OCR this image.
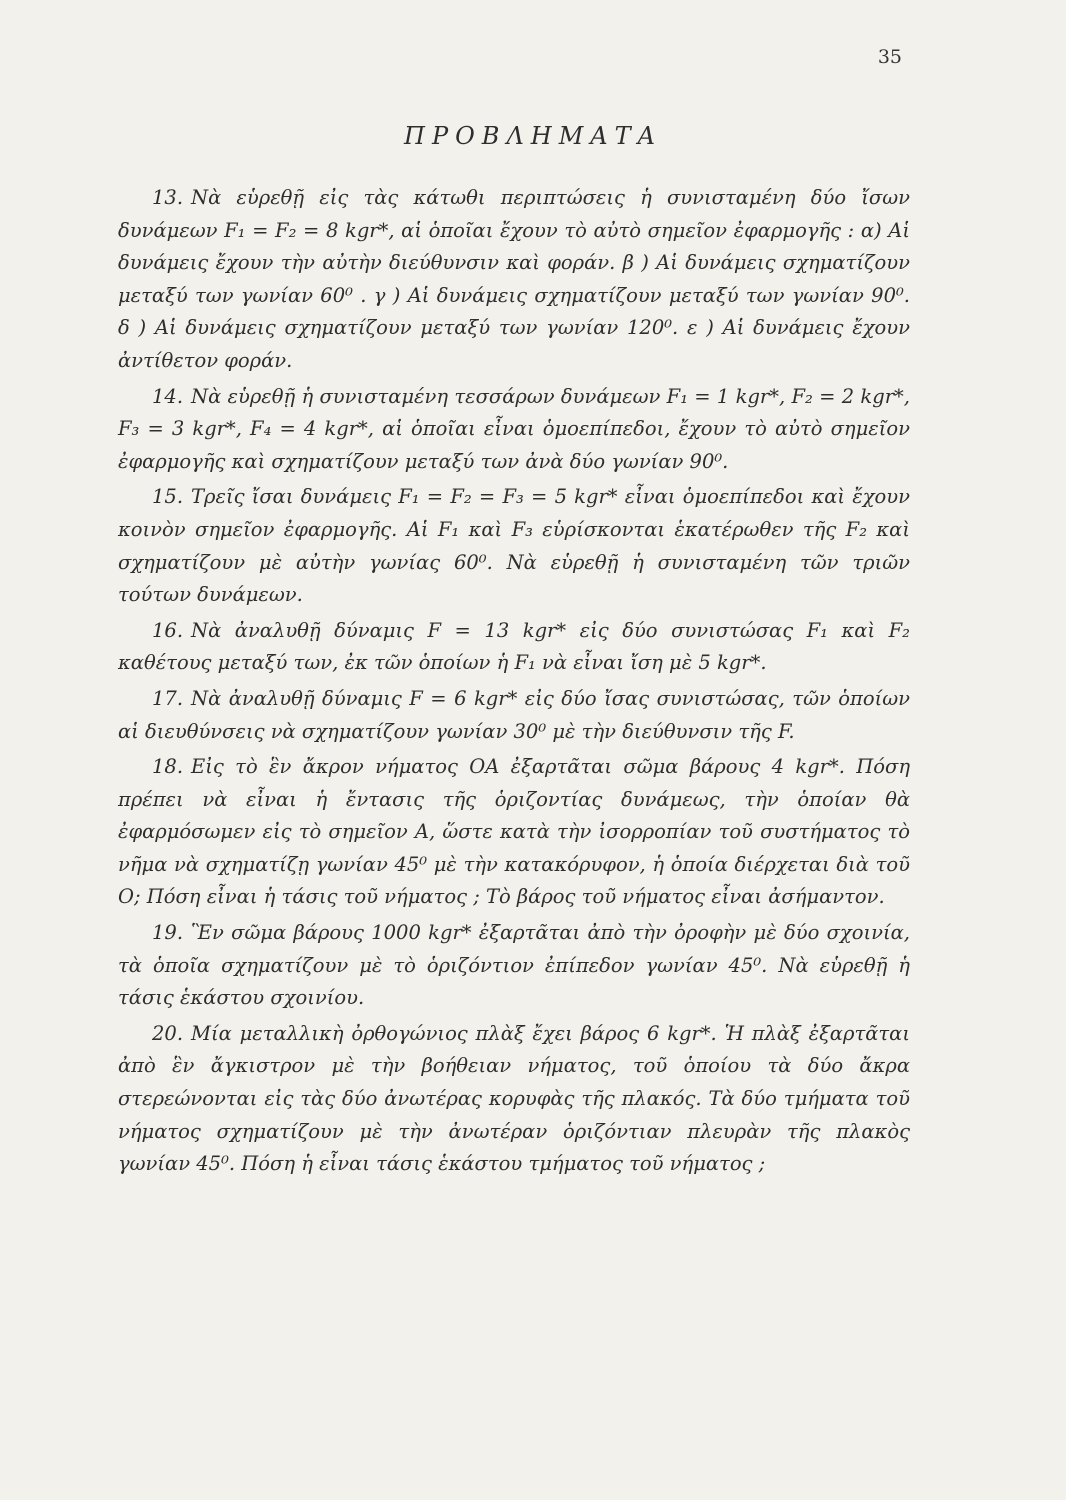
35
ΠΡΟΒΛΗΜΑΤΑ

13. Νὰ εὑρεθῇ εἰς τὰς κάτωθι περιπτώσεις ἡ συνισταμένη δύο ἴσων δυνάμεων F₁ = F₂ = 8 kgr*, αἱ ὁποῖαι ἔχουν τὸ αὐτὸ σημεῖον ἐφαρμογῆς : α) Αἱ δυνάμεις ἔχουν τὴν αὐτὴν διεύθυνσιν καὶ φοράν. β ) Αἱ δυνάμεις σχηματίζουν μεταξύ των γωνίαν 60⁰ . γ ) Αἱ δυνάμεις σχηματίζουν μεταξύ των γωνίαν 90⁰. δ ) Αἱ δυνάμεις σχηματίζουν μεταξύ των γωνίαν 120⁰. ε ) Αἱ δυνάμεις ἔχουν ἀντίθετον φοράν.

14. Νὰ εὑρεθῇ ἡ συνισταμένη τεσσάρων δυνάμεων F₁ = 1 kgr*, F₂ = 2 kgr*, F₃ = 3 kgr*, F₄ = 4 kgr*, αἱ ὁποῖαι εἶναι ὁμοεπίπεδοι, ἔχουν τὸ αὐτὸ σημεῖον ἐφαρμογῆς καὶ σχηματίζουν μεταξύ των ἀνὰ δύο γωνίαν 90⁰.

15. Τρεῖς ἴσαι δυνάμεις F₁ = F₂ = F₃ = 5 kgr* εἶναι ὁμοεπίπεδοι καὶ ἔχουν κοινὸν σημεῖον ἐφαρμογῆς. Αἱ F₁ καὶ F₃ εὑρίσκονται ἑκατέρωθεν τῆς F₂ καὶ σχηματίζουν μὲ αὐτὴν γωνίας 60⁰. Νὰ εὑρεθῇ ἡ συνισταμένη τῶν τριῶν τούτων δυνάμεων.

16. Νὰ ἀναλυθῇ δύναμις F = 13 kgr* εἰς δύο συνιστώσας F₁ καὶ F₂ καθέτους μεταξύ των, ἐκ τῶν ὁποίων ἡ F₁ νὰ εἶναι ἴση μὲ 5 kgr*.

17. Νὰ ἀναλυθῇ δύναμις F = 6 kgr* εἰς δύο ἴσας συνιστώσας, τῶν ὁποίων αἱ διευθύνσεις νὰ σχηματίζουν γωνίαν 30⁰ μὲ τὴν διεύθυνσιν τῆς F.

18. Εἰς τὸ ἓν ἄκρον νήματος ΟΑ ἐξαρτᾶται σῶμα βάρους 4 kgr*. Πόση πρέπει νὰ εἶναι ἡ ἔντασις τῆς ὁριζοντίας δυνάμεως, τὴν ὁποίαν θὰ ἐφαρμόσωμεν εἰς τὸ σημεῖον Α, ὥστε κατὰ τὴν ἰσορροπίαν τοῦ συστήματος τὸ νῆμα νὰ σχηματίζῃ γωνίαν 45⁰ μὲ τὴν κατακόρυφον, ἡ ὁποία διέρχεται διὰ τοῦ Ο; Πόση εἶναι ἡ τάσις τοῦ νήματος ; Τὸ βάρος τοῦ νήματος εἶναι ἀσήμαντον.

19. Ἓν σῶμα βάρους 1000 kgr* ἐξαρτᾶται ἀπὸ τὴν ὀροφὴν μὲ δύο σχοινία, τὰ ὁποῖα σχηματίζουν μὲ τὸ ὁριζόντιον ἐπίπεδον γωνίαν 45⁰. Νὰ εὑρεθῇ ἡ τάσις ἑκάστου σχοινίου.

20. Μία μεταλλικὴ ὀρθογώνιος πλὰξ ἔχει βάρος 6 kgr*. Ἡ πλὰξ ἐξαρτᾶται ἀπὸ ἓν ἄγκιστρον μὲ τὴν βοήθειαν νήματος, τοῦ ὁποίου τὰ δύο ἄκρα στερεώνονται εἰς τὰς δύο ἀνωτέρας κορυφὰς τῆς πλακός. Τὰ δύο τμήματα τοῦ νήματος σχηματίζουν μὲ τὴν ἀνωτέραν ὁριζόντιαν πλευρὰν τῆς πλακὸς γωνίαν 45⁰. Πόση ἡ εἶναι τάσις ἑκάστου τμήματος τοῦ νήματος ;
